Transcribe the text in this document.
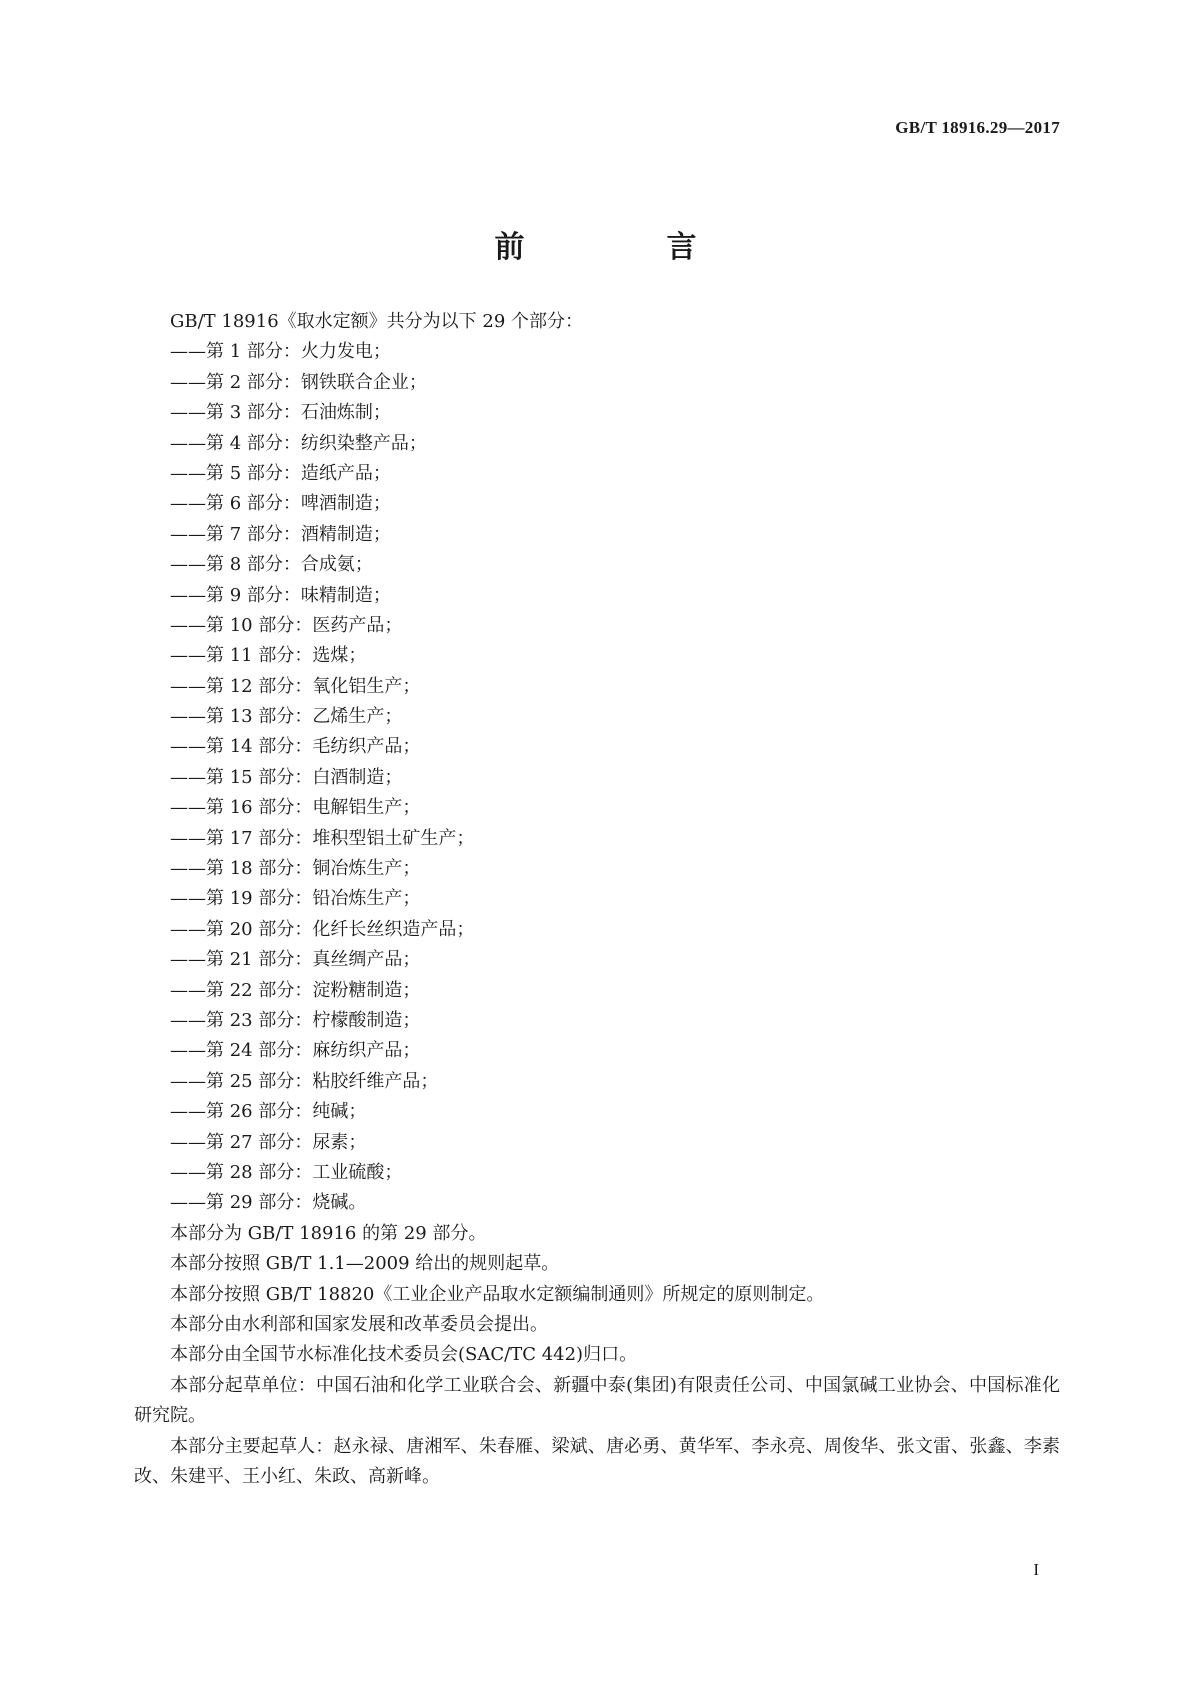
GB/T 18916.29—2017
前　言
GB/T 18916《取水定额》共分为以下 29 个部分：
——第 1 部分：火力发电；
——第 2 部分：钢铁联合企业；
——第 3 部分：石油炼制；
——第 4 部分：纺织染整产品；
——第 5 部分：造纸产品；
——第 6 部分：啤酒制造；
——第 7 部分：酒精制造；
——第 8 部分：合成氨；
——第 9 部分：味精制造；
——第 10 部分：医药产品；
——第 11 部分：选煤；
——第 12 部分：氧化铝生产；
——第 13 部分：乙烯生产；
——第 14 部分：毛纺织产品；
——第 15 部分：白酒制造；
——第 16 部分：电解铝生产；
——第 17 部分：堆积型铝土矿生产；
——第 18 部分：铜冶炼生产；
——第 19 部分：铅冶炼生产；
——第 20 部分：化纤长丝织造产品；
——第 21 部分：真丝绸产品；
——第 22 部分：淀粉糖制造；
——第 23 部分：柠檬酸制造；
——第 24 部分：麻纺织产品；
——第 25 部分：粘胶纤维产品；
——第 26 部分：纯碱；
——第 27 部分：尿素；
——第 28 部分：工业硫酸；
——第 29 部分：烧碱。
本部分为 GB/T 18916 的第 29 部分。
本部分按照 GB/T 1.1—2009 给出的规则起草。
本部分按照 GB/T 18820《工业企业产品取水定额编制通则》所规定的原则制定。
本部分由水利部和国家发展和改革委员会提出。
本部分由全国节水标准化技术委员会(SAC/TC 442)归口。
本部分起草单位：中国石油和化学工业联合会、新疆中泰(集团)有限责任公司、中国氯碱工业协会、中国标准化研究院。
本部分主要起草人：赵永禄、唐湘军、朱春雁、梁斌、唐必勇、黄华军、李永亮、周俊华、张文雷、张鑫、李素改、朱建平、王小红、朱政、高新峰。
I
